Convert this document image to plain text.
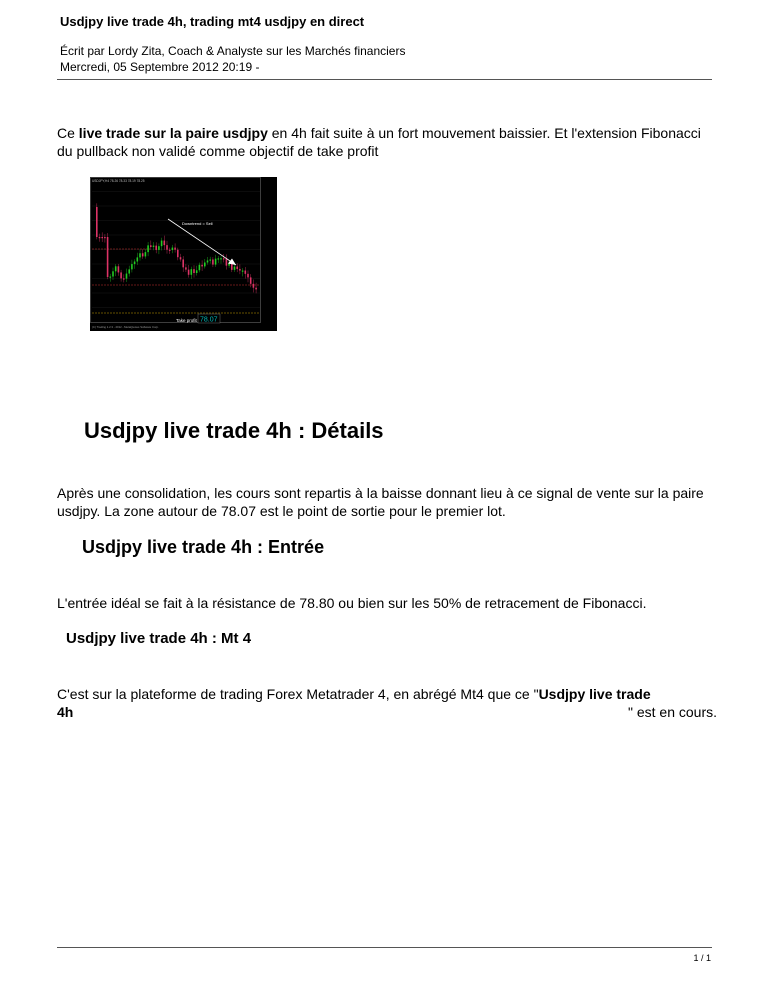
Usdjpy live trade 4h, trading mt4 usdjpy en direct
Écrit par Lordy Zita, Coach & Analyste sur les Marchés financiers
Mercredi, 05 Septembre 2012 20:19 -
Ce live trade sur la paire usdjpy en 4h fait suite à un fort mouvement baissier. Et l'extension Fibonacci du pullback non validé comme objectif de take profit
USDJPY,H4 78.26 78.33 78.19 78.25
Downtrend = Sell
Take profit 78.07
(C) Trading 1.2.3 - 2012 - MetaQuotes Software Corp.
Usdjpy live trade 4h : Détails
Après une consolidation, les cours sont repartis à la baisse donnant lieu à ce signal de vente sur la paire usdjpy. La zone autour de 78.07 est le point de sortie pour le premier lot.
Usdjpy live trade 4h : Entrée
L'entrée idéal se fait à la résistance de 78.80 ou bien sur les 50% de retracement de Fibonacci.
Usdjpy live trade 4h : Mt 4
C'est sur la plateforme de trading Forex Metatrader 4, en abrégé Mt4 que ce "Usdjpy live trade
4h	" est en cours.
1 / 1
